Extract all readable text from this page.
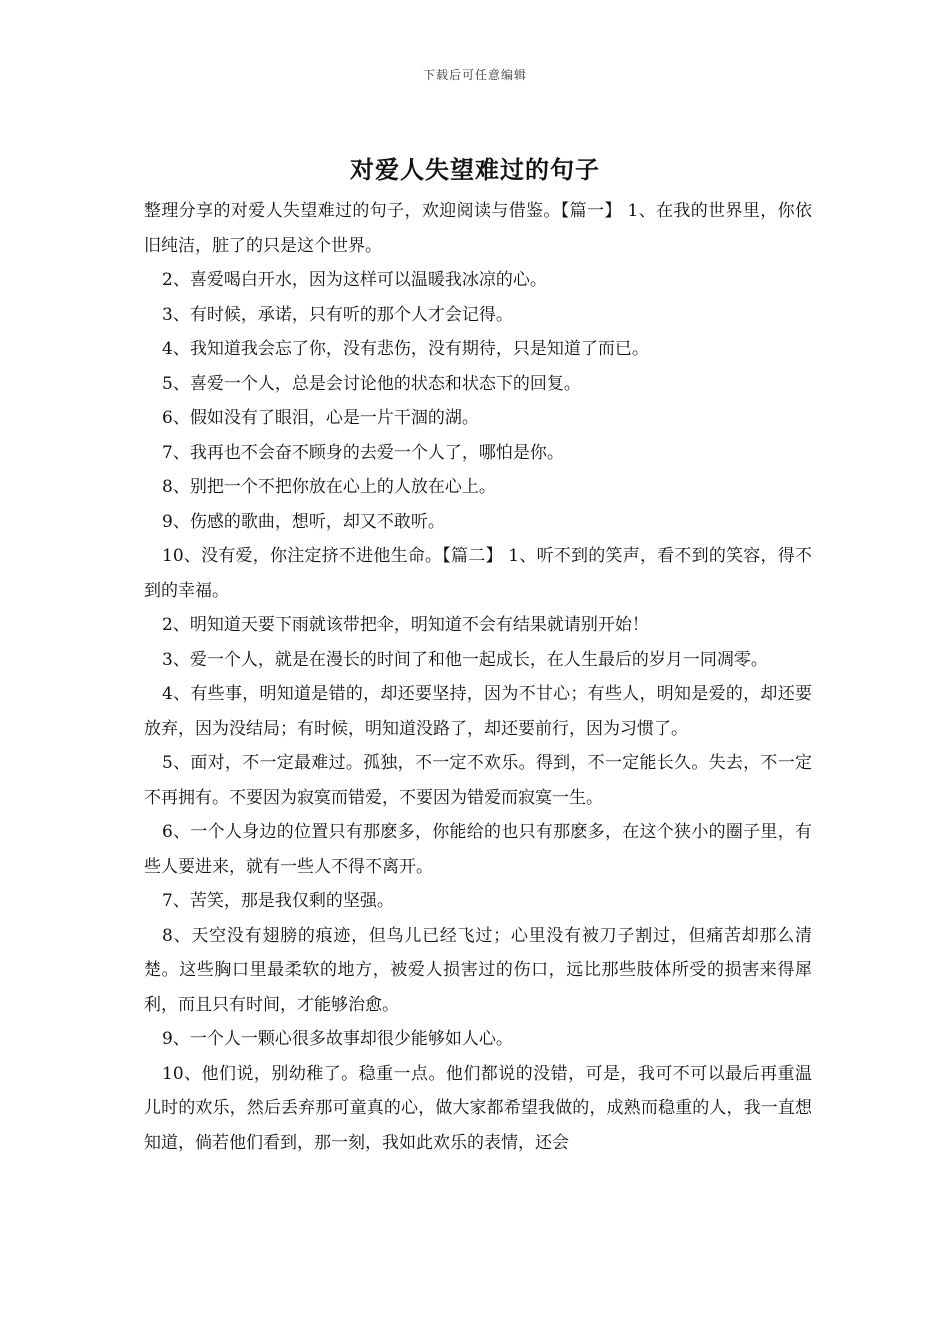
下载后可任意编辑
对爱人失望难过的句子

整理分享的对爱人失望难过的句子，欢迎阅读与借鉴。【篇一】 1、在我的世界里，你依旧纯洁，脏了的只是这个世界。

2、喜爱喝白开水，因为这样可以温暖我冰凉的心。

3、有时候，承诺，只有听的那个人才会记得。

4、我知道我会忘了你，没有悲伤，没有期待，只是知道了而已。

5、喜爱一个人，总是会讨论他的状态和状态下的回复。

6、假如没有了眼泪，心是一片干涸的湖。

7、我再也不会奋不顾身的去爱一个人了，哪怕是你。

8、别把一个不把你放在心上的人放在心上。

9、伤感的歌曲，想听，却又不敢听。

10、没有爱，你注定挤不进他生命。【篇二】 1、听不到的笑声，看不到的笑容，得不到的幸福。

2、明知道天要下雨就该带把伞，明知道不会有结果就请别开始！

3、爱一个人，就是在漫长的时间了和他一起成长，在人生最后的岁月一同凋零。

4、有些事，明知道是错的，却还要坚持，因为不甘心；有些人，明知是爱的，却还要放弃，因为没结局；有时候，明知道没路了，却还要前行，因为习惯了。

5、面对，不一定最难过。孤独，不一定不欢乐。得到，不一定能长久。失去，不一定不再拥有。不要因为寂寞而错爱，不要因为错爱而寂寞一生。

6、一个人身边的位置只有那麽多，你能给的也只有那麽多，在这个狭小的圈子里，有些人要进来，就有一些人不得不离开。

7、苦笑，那是我仅剩的坚强。

8、天空没有翅膀的痕迹，但鸟儿已经飞过；心里没有被刀子割过，但痛苦却那么清楚。这些胸口里最柔软的地方，被爱人损害过的伤口，远比那些肢体所受的损害来得犀利，而且只有时间，才能够治愈。

9、一个人一颗心很多故事却很少能够如人心。

10、他们说，别幼稚了。稳重一点。他们都说的没错，可是，我可不可以最后再重温儿时的欢乐，然后丢弃那可童真的心，做大家都希望我做的，成熟而稳重的人，我一直想知道，倘若他们看到，那一刻，我如此欢乐的表情，还会
